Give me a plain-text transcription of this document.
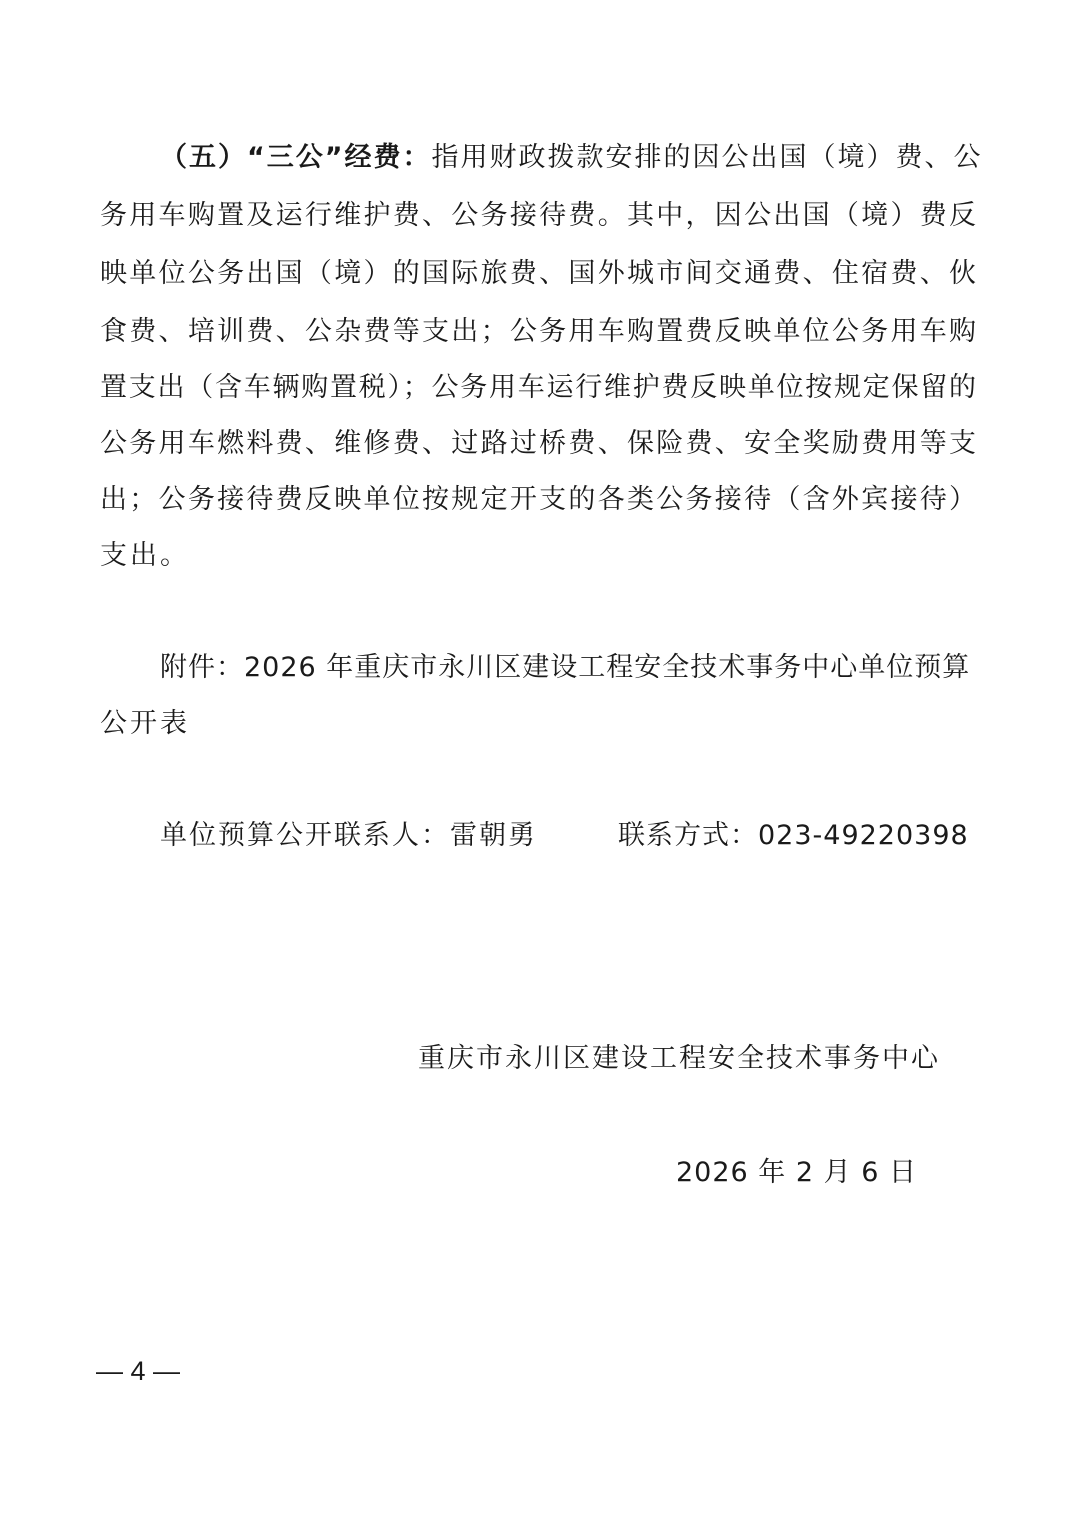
（五）“三公”经费：指用财政拨款安排的因公出国（境）费、公
务用车购置及运行维护费、公务接待费。其中，因公出国（境）费反
映单位公务出国（境）的国际旅费、国外城市间交通费、住宿费、伙
食费、培训费、公杂费等支出；公务用车购置费反映单位公务用车购
置支出（含车辆购置税）；公务用车运行维护费反映单位按规定保留的
公务用车燃料费、维修费、过路过桥费、保险费、安全奖励费用等支
出；公务接待费反映单位按规定开支的各类公务接待（含外宾接待）
支出。
附件：2026 年重庆市永川区建设工程安全技术事务中心单位预算
公开表
单位预算公开联系人：雷朝勇	联系方式：023-49220398
重庆市永川区建设工程安全技术事务中心
2026 年 2 月 6 日
— 4 —
